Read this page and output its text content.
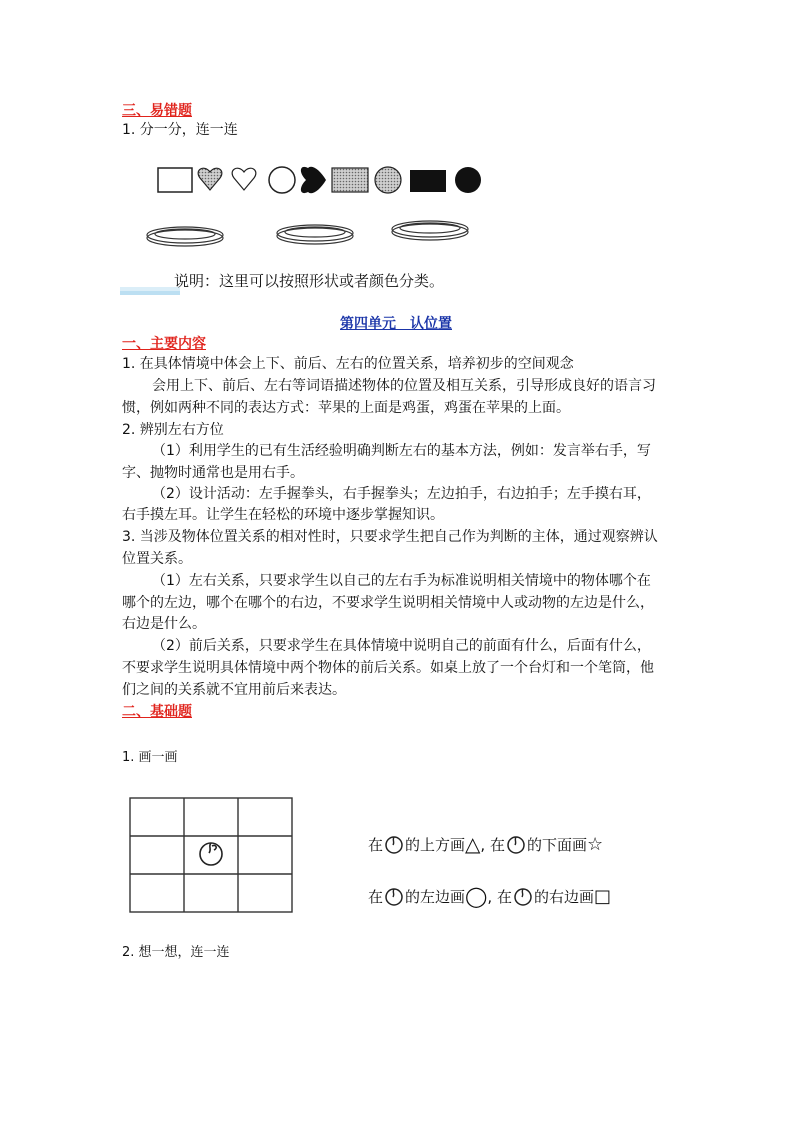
三、易错题
1. 分一分，连一连
说明：这里可以按照形状或者颜色分类。
第四单元　认位置
一、主要内容
1. 在具体情境中体会上下、前后、左右的位置关系，培养初步的空间观念
会用上下、前后、左右等词语描述物体的位置及相互关系，引导形成良好的语言习
惯，例如两种不同的表达方式：苹果的上面是鸡蛋，鸡蛋在苹果的上面。
2. 辨别左右方位
（1）利用学生的已有生活经验明确判断左右的基本方法，例如：发言举右手，写
字、抛物时通常也是用右手。
（2）设计活动：左手握拳头，右手握拳头；左边拍手，右边拍手；左手摸右耳，
右手摸左耳。让学生在轻松的环境中逐步掌握知识。
3. 当涉及物体位置关系的相对性时，只要求学生把自己作为判断的主体，通过观察辨认
位置关系。
（1）左右关系，只要求学生以自己的左右手为标准说明相关情境中的物体哪个在
哪个的左边，哪个在哪个的右边，不要求学生说明相关情境中人或动物的左边是什么，
右边是什么。
（2）前后关系，只要求学生在具体情境中说明自己的前面有什么，后面有什么，
不要求学生说明具体情境中两个物体的前后关系。如桌上放了一个台灯和一个笔筒，他
们之间的关系就不宜用前后来表达。
二、基础题
1. 画一画
在 的上方画 △ , 在 的下面画 ☆
在 的左边画 ◯ , 在 的右边画 □
2. 想一想，连一连
